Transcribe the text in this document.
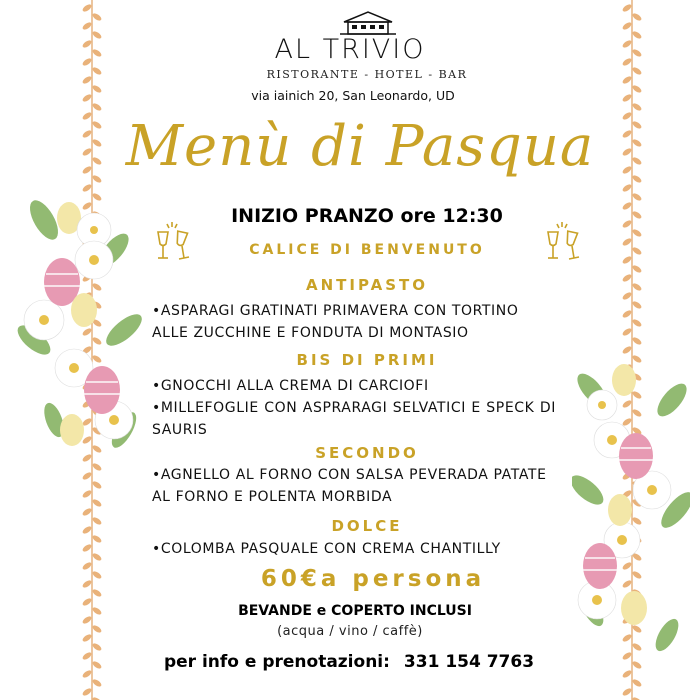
AL TRIVIO
RISTORANTE - HOTEL - BAR
via iainich 20, San Leonardo, UD
Menù di Pasqua
INIZIO PRANZO ore 12:30
CALICE DI BENVENUTO
ANTIPASTO
•ASPARAGI GRATINATI PRIMAVERA CON TORTINO ALLE ZUCCHINE E FONDUTA DI MONTASIO
BIS DI PRIMI
•GNOCCHI ALLA CREMA DI CARCIOFI
•MILLEFOGLIE CON ASPRARAGI SELVATICI E SPECK DI SAURIS
SECONDO
•AGNELLO AL FORNO CON SALSA PEVERADA PATATE AL FORNO E POLENTA MORBIDA
DOLCE
•COLOMBA PASQUALE CON CREMA CHANTILLY
60€a persona
BEVANDE e COPERTO INCLUSI
(acqua / vino / caffè)
per info e prenotazioni: 331 154 7763
